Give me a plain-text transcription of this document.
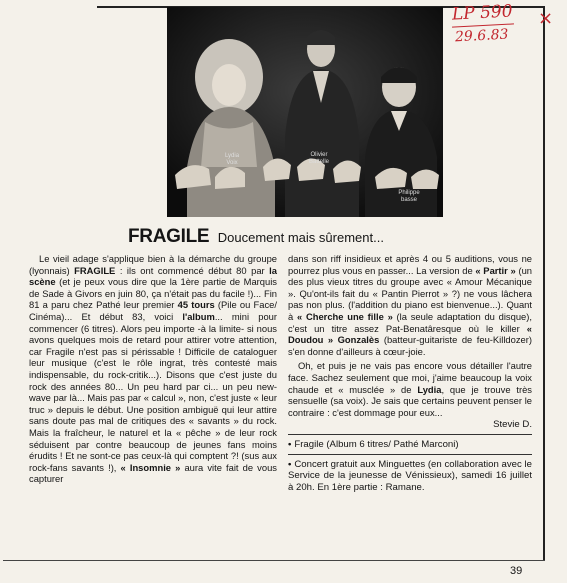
LP 590
29.6.83
×
Lydia
Voix
Olivier
Battelle
Philippe
basse
FRAGILE Doucement mais sûrement...

Le vieil adage s'applique bien à la démarche du groupe (lyonnais) FRAGILE : ils ont commencé début 80 par la scène (et je peux vous dire que la 1ère partie de Marquis de Sade à Givors en juin 80, ça n'était pas du facile !)... Fin 81 a paru chez Pathé leur premier 45 tours (Pile ou Face/ Cinéma)... Et début 83, voici l'album... mini pour commencer (6 titres). Alors peu importe -à la limite- si nous avons quelques mois de retard pour attirer votre attention, car Fragile n'est pas si périssable ! Difficile de cataloguer leur musique (c'est le rôle ingrat, très contesté mais indispensable, du rock-critik...). Disons que c'est juste du rock des années 80... Un peu hard par ci... un peu new-wave par là... Mais pas par « calcul », non, c'est juste « leur truc » depuis le début. Une position ambiguë qui leur attire sans doute pas mal de critiques des « savants » du rock. Mais la fraîcheur, le naturel et la « pêche » de leur rock séduisent par contre beaucoup de jeunes fans moins érudits ! Et ne sont-ce pas ceux-là qui comptent ?! (sus aux rock-fans savants !), « Insomnie » aura vite fait de vous capturer

dans son riff insidieux et après 4 ou 5 auditions, vous ne pourrez plus vous en passer... La version de « Partir » (un des plus vieux titres du groupe avec « Amour Mécanique ». Qu'ont-ils fait du « Pantin Pierrot » ?) ne vous lâchera pas non plus. (l'addition du piano est bienvenue...). Quant à « Cherche une fille » (la seule adaptation du disque), c'est un titre assez Pat-Benatâresque où le killer « Doudou » Gonzalès (batteur-guitariste de feu-Killdozer) s'en donne d'ailleurs à cœur-joie.

Oh, et puis je ne vais pas encore vous détailler l'autre face. Sachez seulement que moi, j'aime beaucoup la voix chaude et « musclée » de Lydia, que je trouve très sensuelle (sa voix). Je sais que certains peuvent penser le contraire : c'est dommage pour eux...

Stevie D.
• Fragile (Album 6 titres/ Pathé Marconi)
• Concert gratuit aux Minguettes (en collaboration avec le Service de la jeunesse de Vénissieux), samedi 16 juillet à 20h. En 1ère partie : Ramane.
39
